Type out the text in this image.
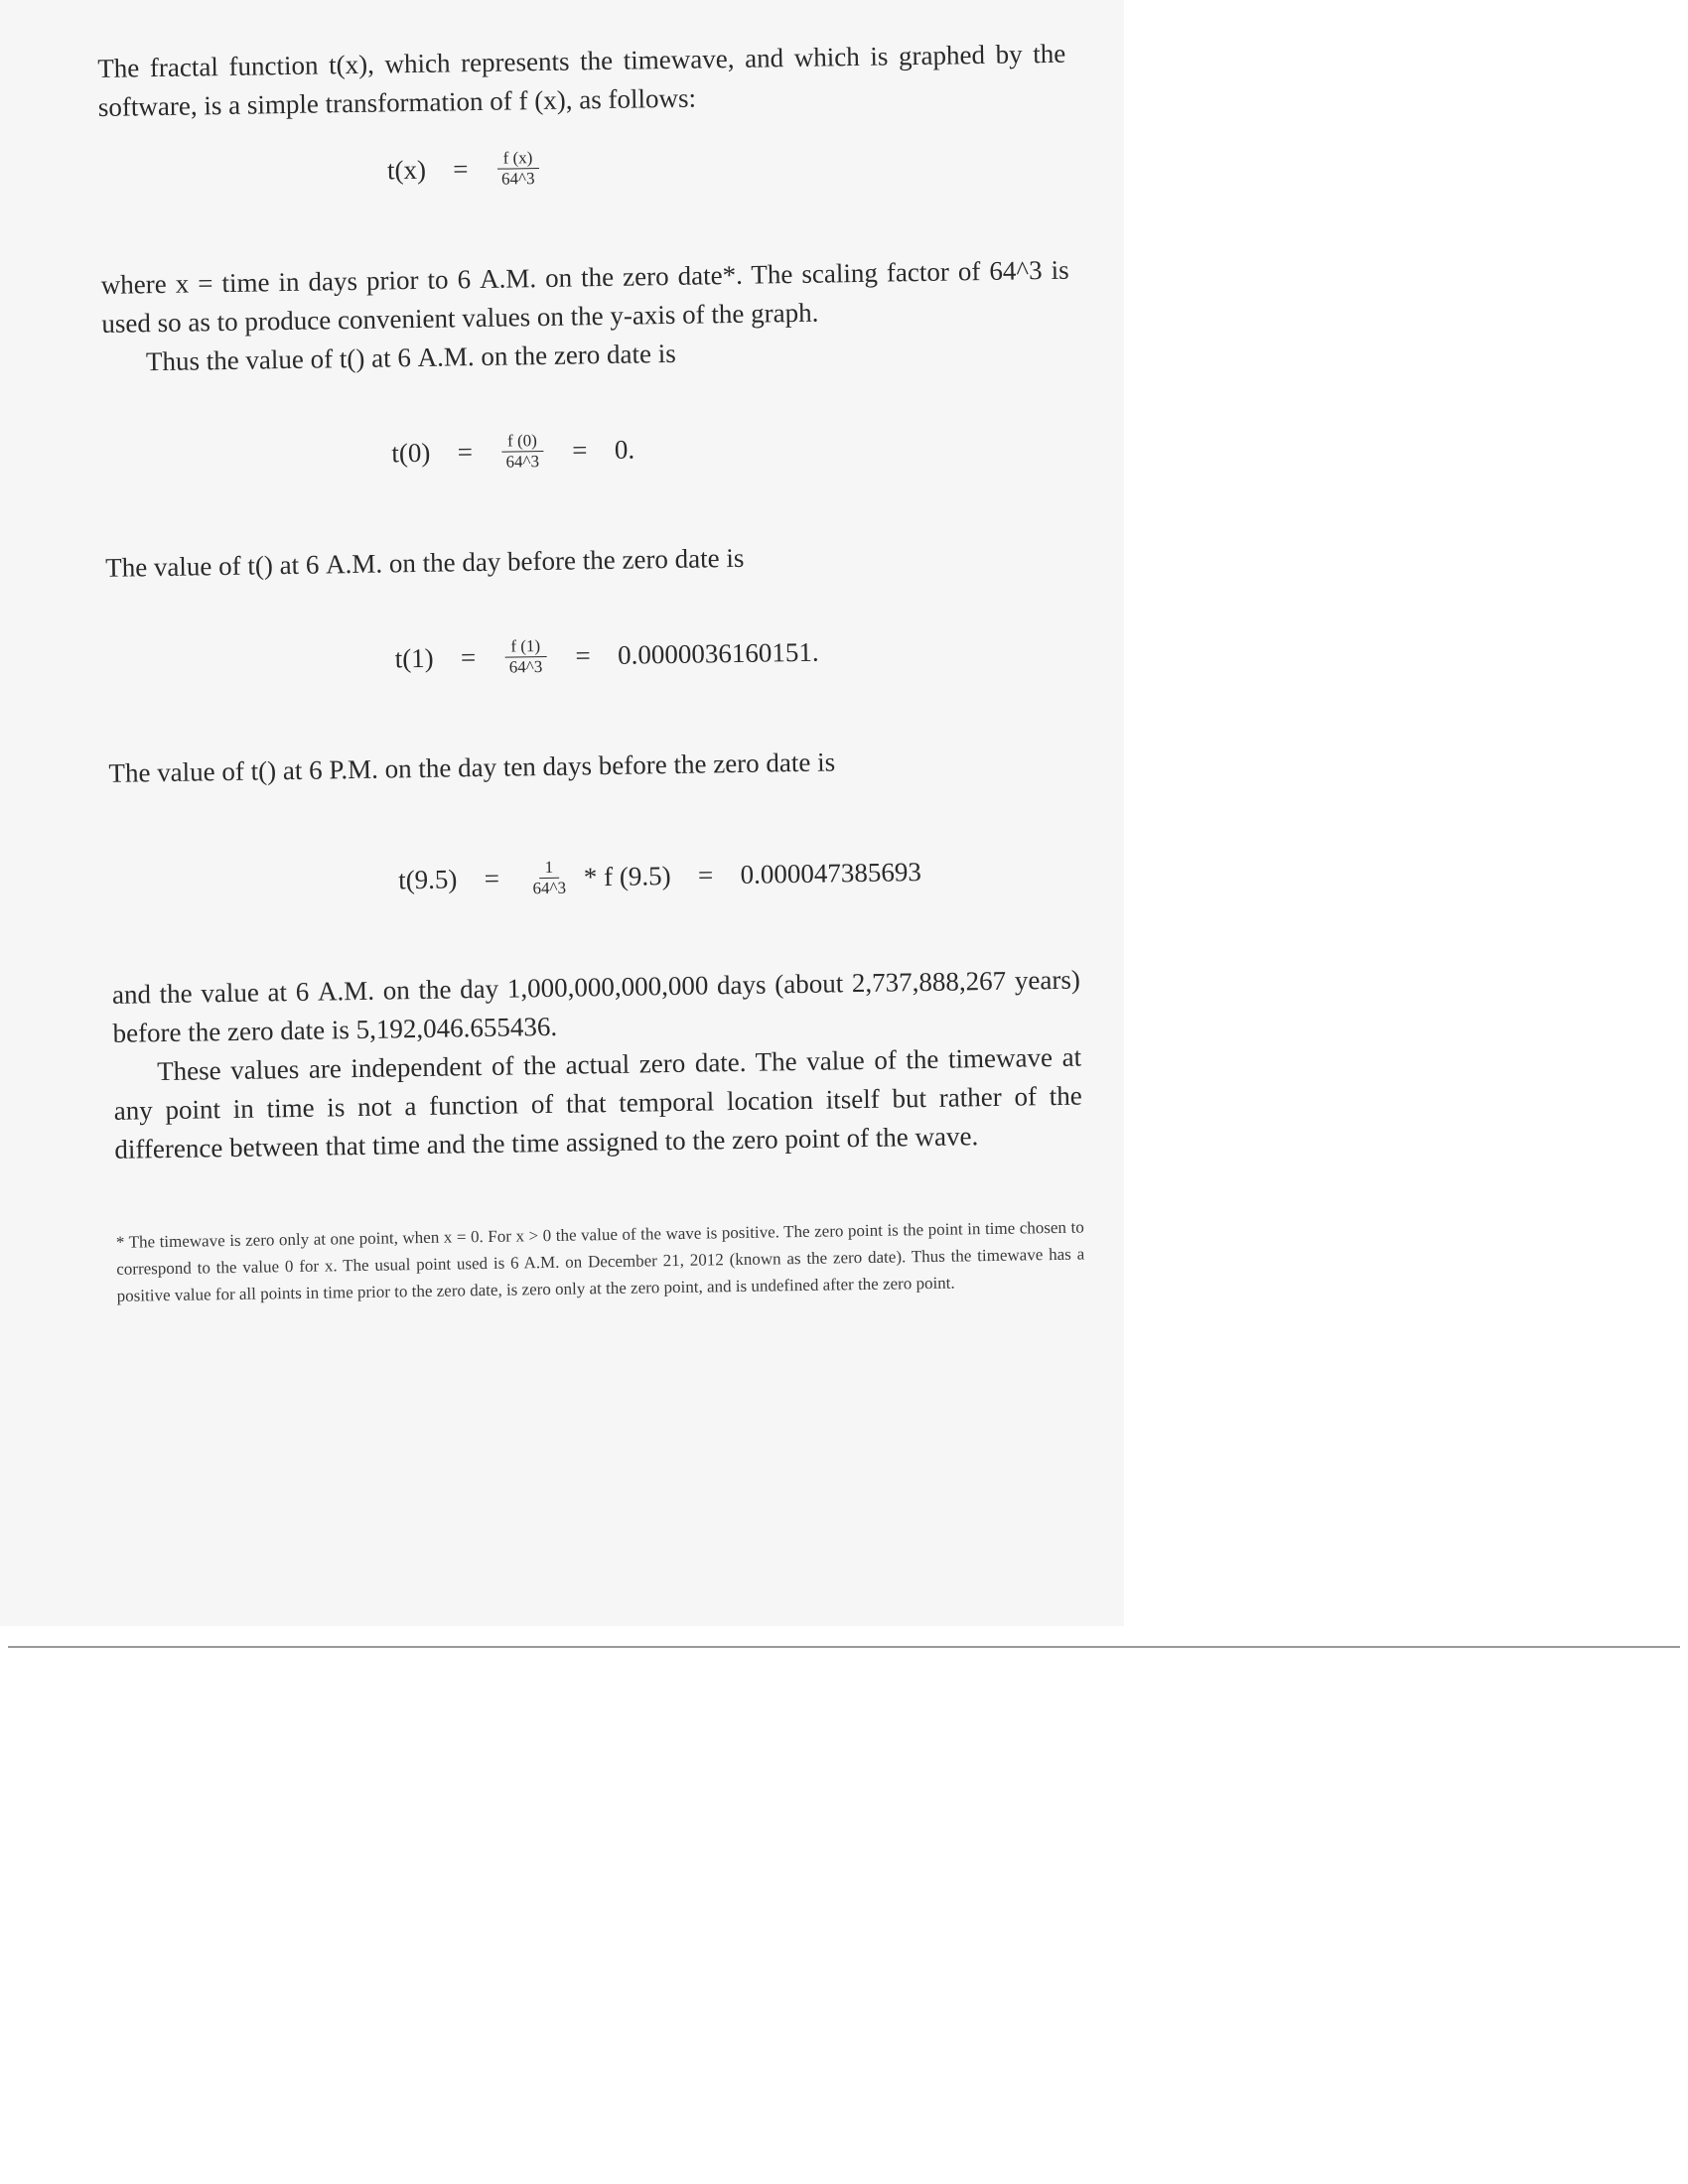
The fractal function t(x), which represents the timewave, and which is graphed by the software, is a simple transformation of f (x), as follows:

t(x) =	$\frac{f (x)}{64\^{}3}$

where x = time in days prior to 6 A.M. on the zero date*. The scaling factor of 64^3 is used so as to produce convenient values on the y-axis of the graph.

Thus the value of t() at 6 A.M. on the zero date is

t(0) =	$\frac{f (0)}{64\^{}3} = 0$.

The value of t() at 6 A.M. on the day before the zero date is

t(1) =	$\frac{f (1)}{64\^{}3} = 0.0000036160151$.

The value of t() at 6 P.M. on the day ten days before the zero date is

t(9.5) =	$\frac{1}{64\^{}3}$ * f (9.5) = 0.000047385693

and the value at 6 A.M. on the day 1,000,000,000,000 days (about 2,737,888,267 years) before the zero date is 5,192,046.655436.

These values are independent of the actual zero date. The value of the timewave at any point in time is not a function of that temporal location itself but rather of the difference between that time and the time assigned to the zero point of the wave.

* The timewave is zero only at one point, when x = 0. For x > 0 the value of the wave is positive. The zero point is the point in time chosen to correspond to the value 0 for x. The usual point used is 6 A.M. on December 21, 2012 (known as the zero date). Thus the timewave has a positive value for all points in time prior to the zero date, is zero only at the zero point, and is undefined after the zero point.
